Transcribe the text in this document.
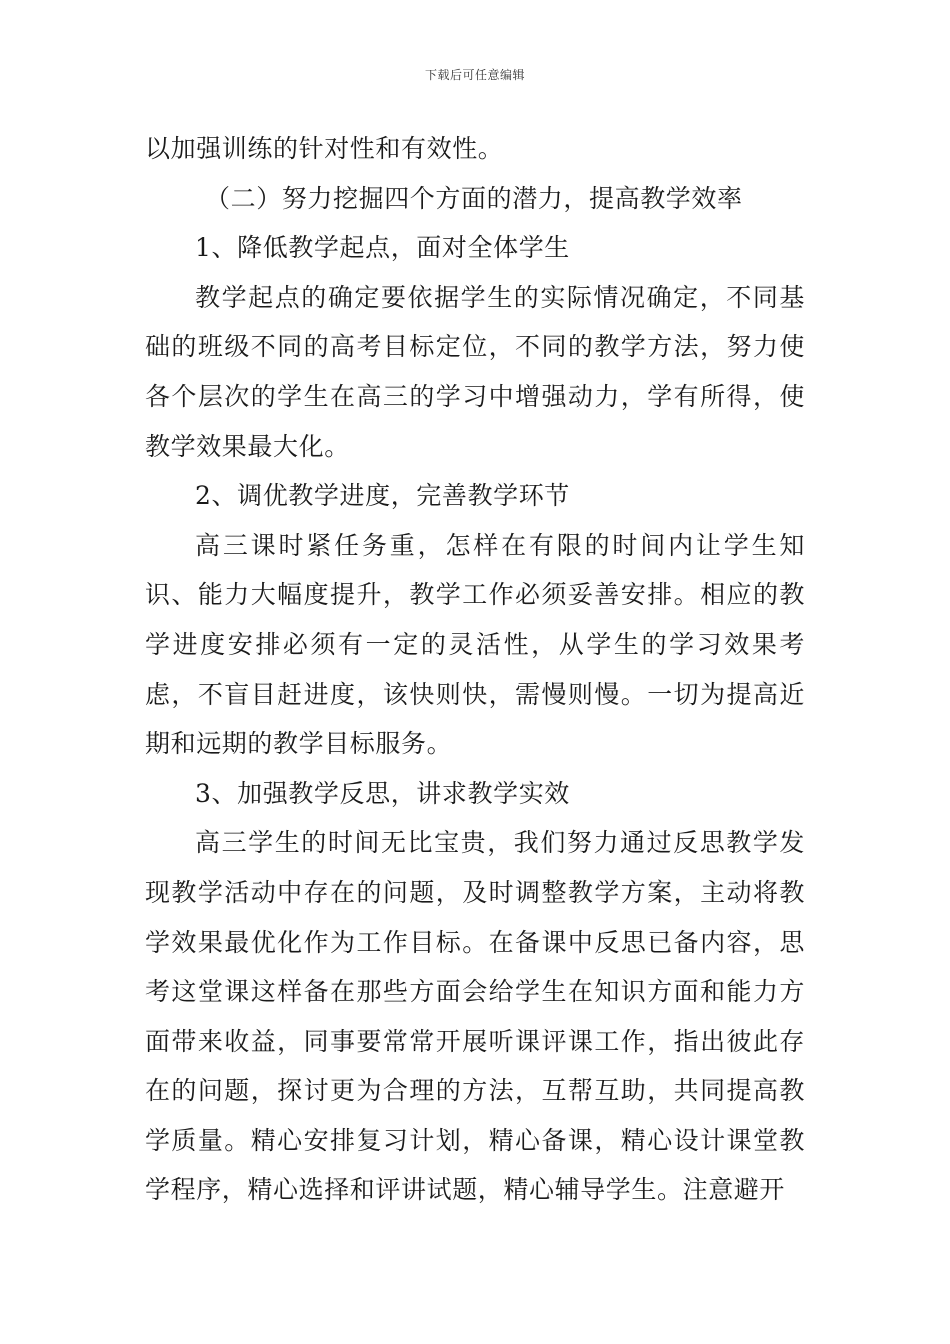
下载后可任意编辑

以加强训练的针对性和有效性。

（二）努力挖掘四个方面的潜力，提高教学效率

1、降低教学起点，面对全体学生

教学起点的确定要依据学生的实际情况确定，不同基础的班级不同的高考目标定位，不同的教学方法，努力使各个层次的学生在高三的学习中增强动力，学有所得，使教学效果最大化。

2、调优教学进度，完善教学环节

高三课时紧任务重，怎样在有限的时间内让学生知识、能力大幅度提升，教学工作必须妥善安排。相应的教学进度安排必须有一定的灵活性，从学生的学习效果考虑，不盲目赶进度，该快则快，需慢则慢。一切为提高近期和远期的教学目标服务。

3、加强教学反思，讲求教学实效

高三学生的时间无比宝贵，我们努力通过反思教学发现教学活动中存在的问题，及时调整教学方案，主动将教学效果最优化作为工作目标。在备课中反思已备内容，思考这堂课这样备在那些方面会给学生在知识方面和能力方面带来收益，同事要常常开展听课评课工作，指出彼此存在的问题，探讨更为合理的方法，互帮互助，共同提高教学质量。精心安排复习计划，精心备课，精心设计课堂教学程序，精心选择和评讲试题，精心辅导学生。注意避开
